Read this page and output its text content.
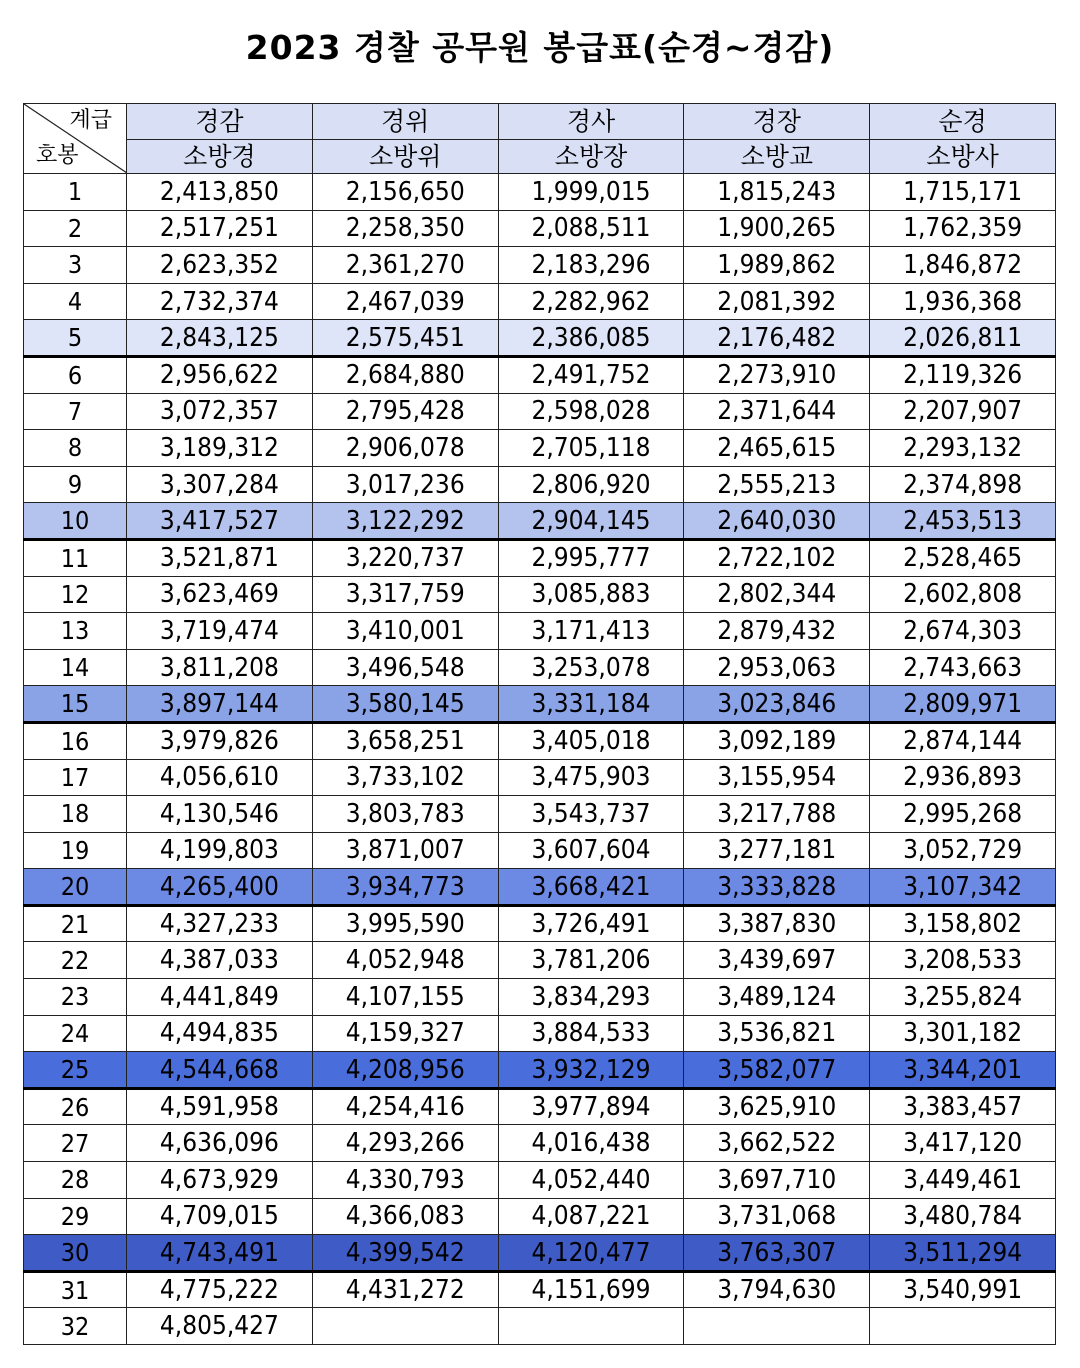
2023 경찰 공무원 봉급표(순경~경감)
계급
호봉	경감	경위	경사	경장	순경
	소방경	소방위	소방장	소방교	소방사
1	2,413,850	2,156,650	1,999,015	1,815,243	1,715,171
2	2,517,251	2,258,350	2,088,511	1,900,265	1,762,359
3	2,623,352	2,361,270	2,183,296	1,989,862	1,846,872
4	2,732,374	2,467,039	2,282,962	2,081,392	1,936,368
5	2,843,125	2,575,451	2,386,085	2,176,482	2,026,811
6	2,956,622	2,684,880	2,491,752	2,273,910	2,119,326
7	3,072,357	2,795,428	2,598,028	2,371,644	2,207,907
8	3,189,312	2,906,078	2,705,118	2,465,615	2,293,132
9	3,307,284	3,017,236	2,806,920	2,555,213	2,374,898
10	3,417,527	3,122,292	2,904,145	2,640,030	2,453,513
11	3,521,871	3,220,737	2,995,777	2,722,102	2,528,465
12	3,623,469	3,317,759	3,085,883	2,802,344	2,602,808
13	3,719,474	3,410,001	3,171,413	2,879,432	2,674,303
14	3,811,208	3,496,548	3,253,078	2,953,063	2,743,663
15	3,897,144	3,580,145	3,331,184	3,023,846	2,809,971
16	3,979,826	3,658,251	3,405,018	3,092,189	2,874,144
17	4,056,610	3,733,102	3,475,903	3,155,954	2,936,893
18	4,130,546	3,803,783	3,543,737	3,217,788	2,995,268
19	4,199,803	3,871,007	3,607,604	3,277,181	3,052,729
20	4,265,400	3,934,773	3,668,421	3,333,828	3,107,342
21	4,327,233	3,995,590	3,726,491	3,387,830	3,158,802
22	4,387,033	4,052,948	3,781,206	3,439,697	3,208,533
23	4,441,849	4,107,155	3,834,293	3,489,124	3,255,824
24	4,494,835	4,159,327	3,884,533	3,536,821	3,301,182
25	4,544,668	4,208,956	3,932,129	3,582,077	3,344,201
26	4,591,958	4,254,416	3,977,894	3,625,910	3,383,457
27	4,636,096	4,293,266	4,016,438	3,662,522	3,417,120
28	4,673,929	4,330,793	4,052,440	3,697,710	3,449,461
29	4,709,015	4,366,083	4,087,221	3,731,068	3,480,784
30	4,743,491	4,399,542	4,120,477	3,763,307	3,511,294
31	4,775,222	4,431,272	4,151,699	3,794,630	3,540,991
32	4,805,427				
